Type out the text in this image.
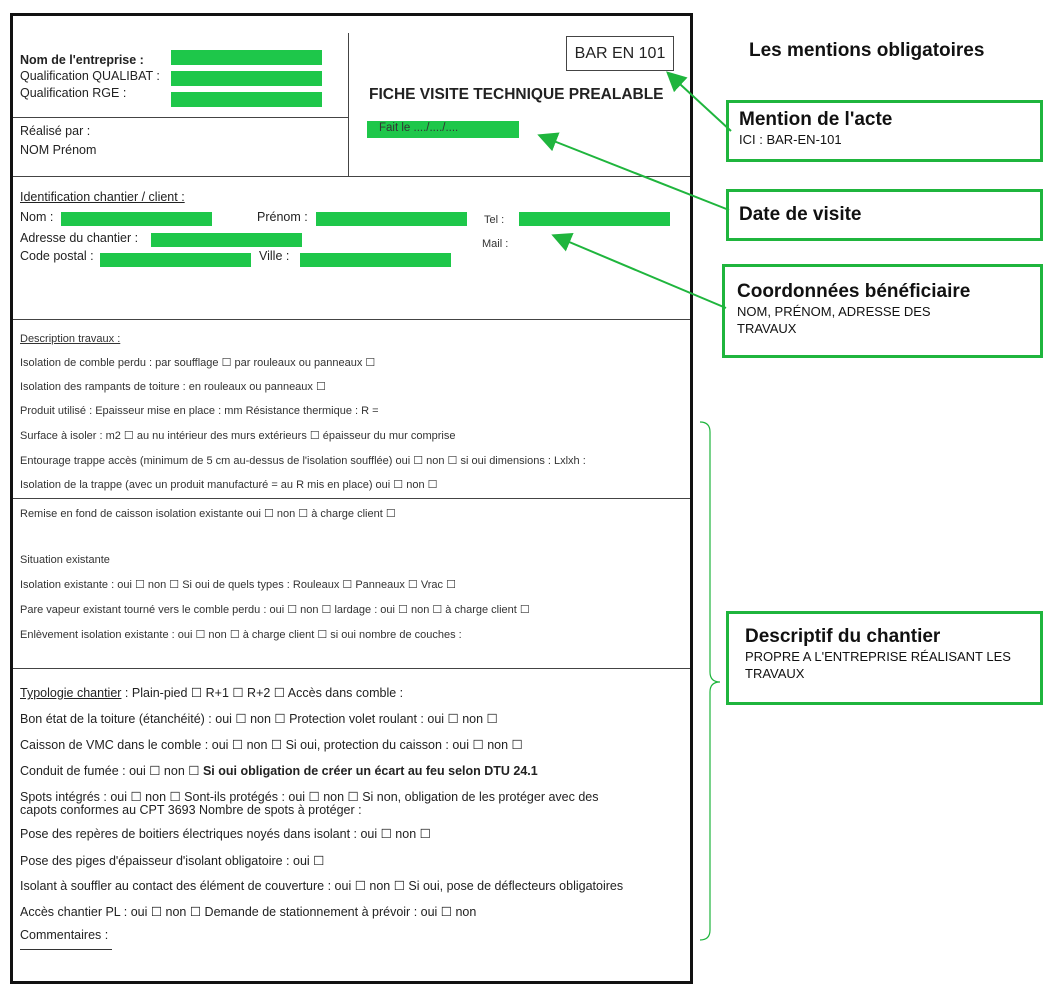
Nom de l'entreprise :
Qualification QUALIBAT :
Qualification RGE :
Réalisé par :
NOM Prénom
BAR EN 101
FICHE VISITE TECHNIQUE PREALABLE
Fait le ..../..../....
Identification chantier / client :
Nom :	Prénom :	Tel :
Adresse du chantier :	Mail :
Code postal :	Ville :
Description travaux :
Isolation de comble perdu : par soufflage ☐ par rouleaux ou panneaux ☐
Isolation des rampants de toiture : en rouleaux ou panneaux ☐
Produit utilisé : Epaisseur mise en place : mm Résistance thermique : R =
Surface à isoler : m2 ☐ au nu intérieur des murs extérieurs ☐ épaisseur du mur comprise
Entourage trappe accès (minimum de 5 cm au-dessus de l'isolation soufflée) oui ☐ non ☐ si oui dimensions : Lxlxh :
Isolation de la trappe (avec un produit manufacturé = au R mis en place) oui ☐ non ☐
Remise en fond de caisson isolation existante oui ☐ non ☐ à charge client ☐
Situation existante
Isolation existante : oui ☐ non ☐ Si oui de quels types : Rouleaux ☐ Panneaux ☐ Vrac ☐
Pare vapeur existant tourné vers le comble perdu : oui ☐ non ☐ lardage : oui ☐ non ☐ à charge client ☐
Enlèvement isolation existante : oui ☐ non ☐ à charge client ☐ si oui nombre de couches :
Typologie chantier : Plain-pied ☐ R+1 ☐ R+2 ☐ Accès dans comble :
Bon état de la toiture (étanchéité) : oui ☐ non ☐ Protection volet roulant : oui ☐ non ☐
Caisson de VMC dans le comble : oui ☐ non ☐ Si oui, protection du caisson : oui ☐ non ☐
Conduit de fumée : oui ☐ non ☐ Si oui obligation de créer un écart au feu selon DTU 24.1
Spots intégrés : oui ☐ non ☐ Sont-ils protégés : oui ☐ non ☐ Si non, obligation de les protéger avec des
capots conformes au CPT 3693 Nombre de spots à protéger :
Pose des repères de boitiers électriques noyés dans isolant : oui ☐ non ☐
Pose des piges d'épaisseur d'isolant obligatoire : oui ☐
Isolant à souffler au contact des élément de couverture : oui ☐ non ☐ Si oui, pose de déflecteurs obligatoires
Accès chantier PL : oui ☐ non ☐ Demande de stationnement à prévoir : oui ☐ non
Commentaires :
Les mentions obligatoires
Mention de l'acte
ICI : BAR-EN-101
Date de visite
Coordonnées bénéficiaire
NOM, PRÉNOM, ADRESSE DES TRAVAUX
Descriptif du chantier
PROPRE A L'ENTREPRISE RÉALISANT LES TRAVAUX
